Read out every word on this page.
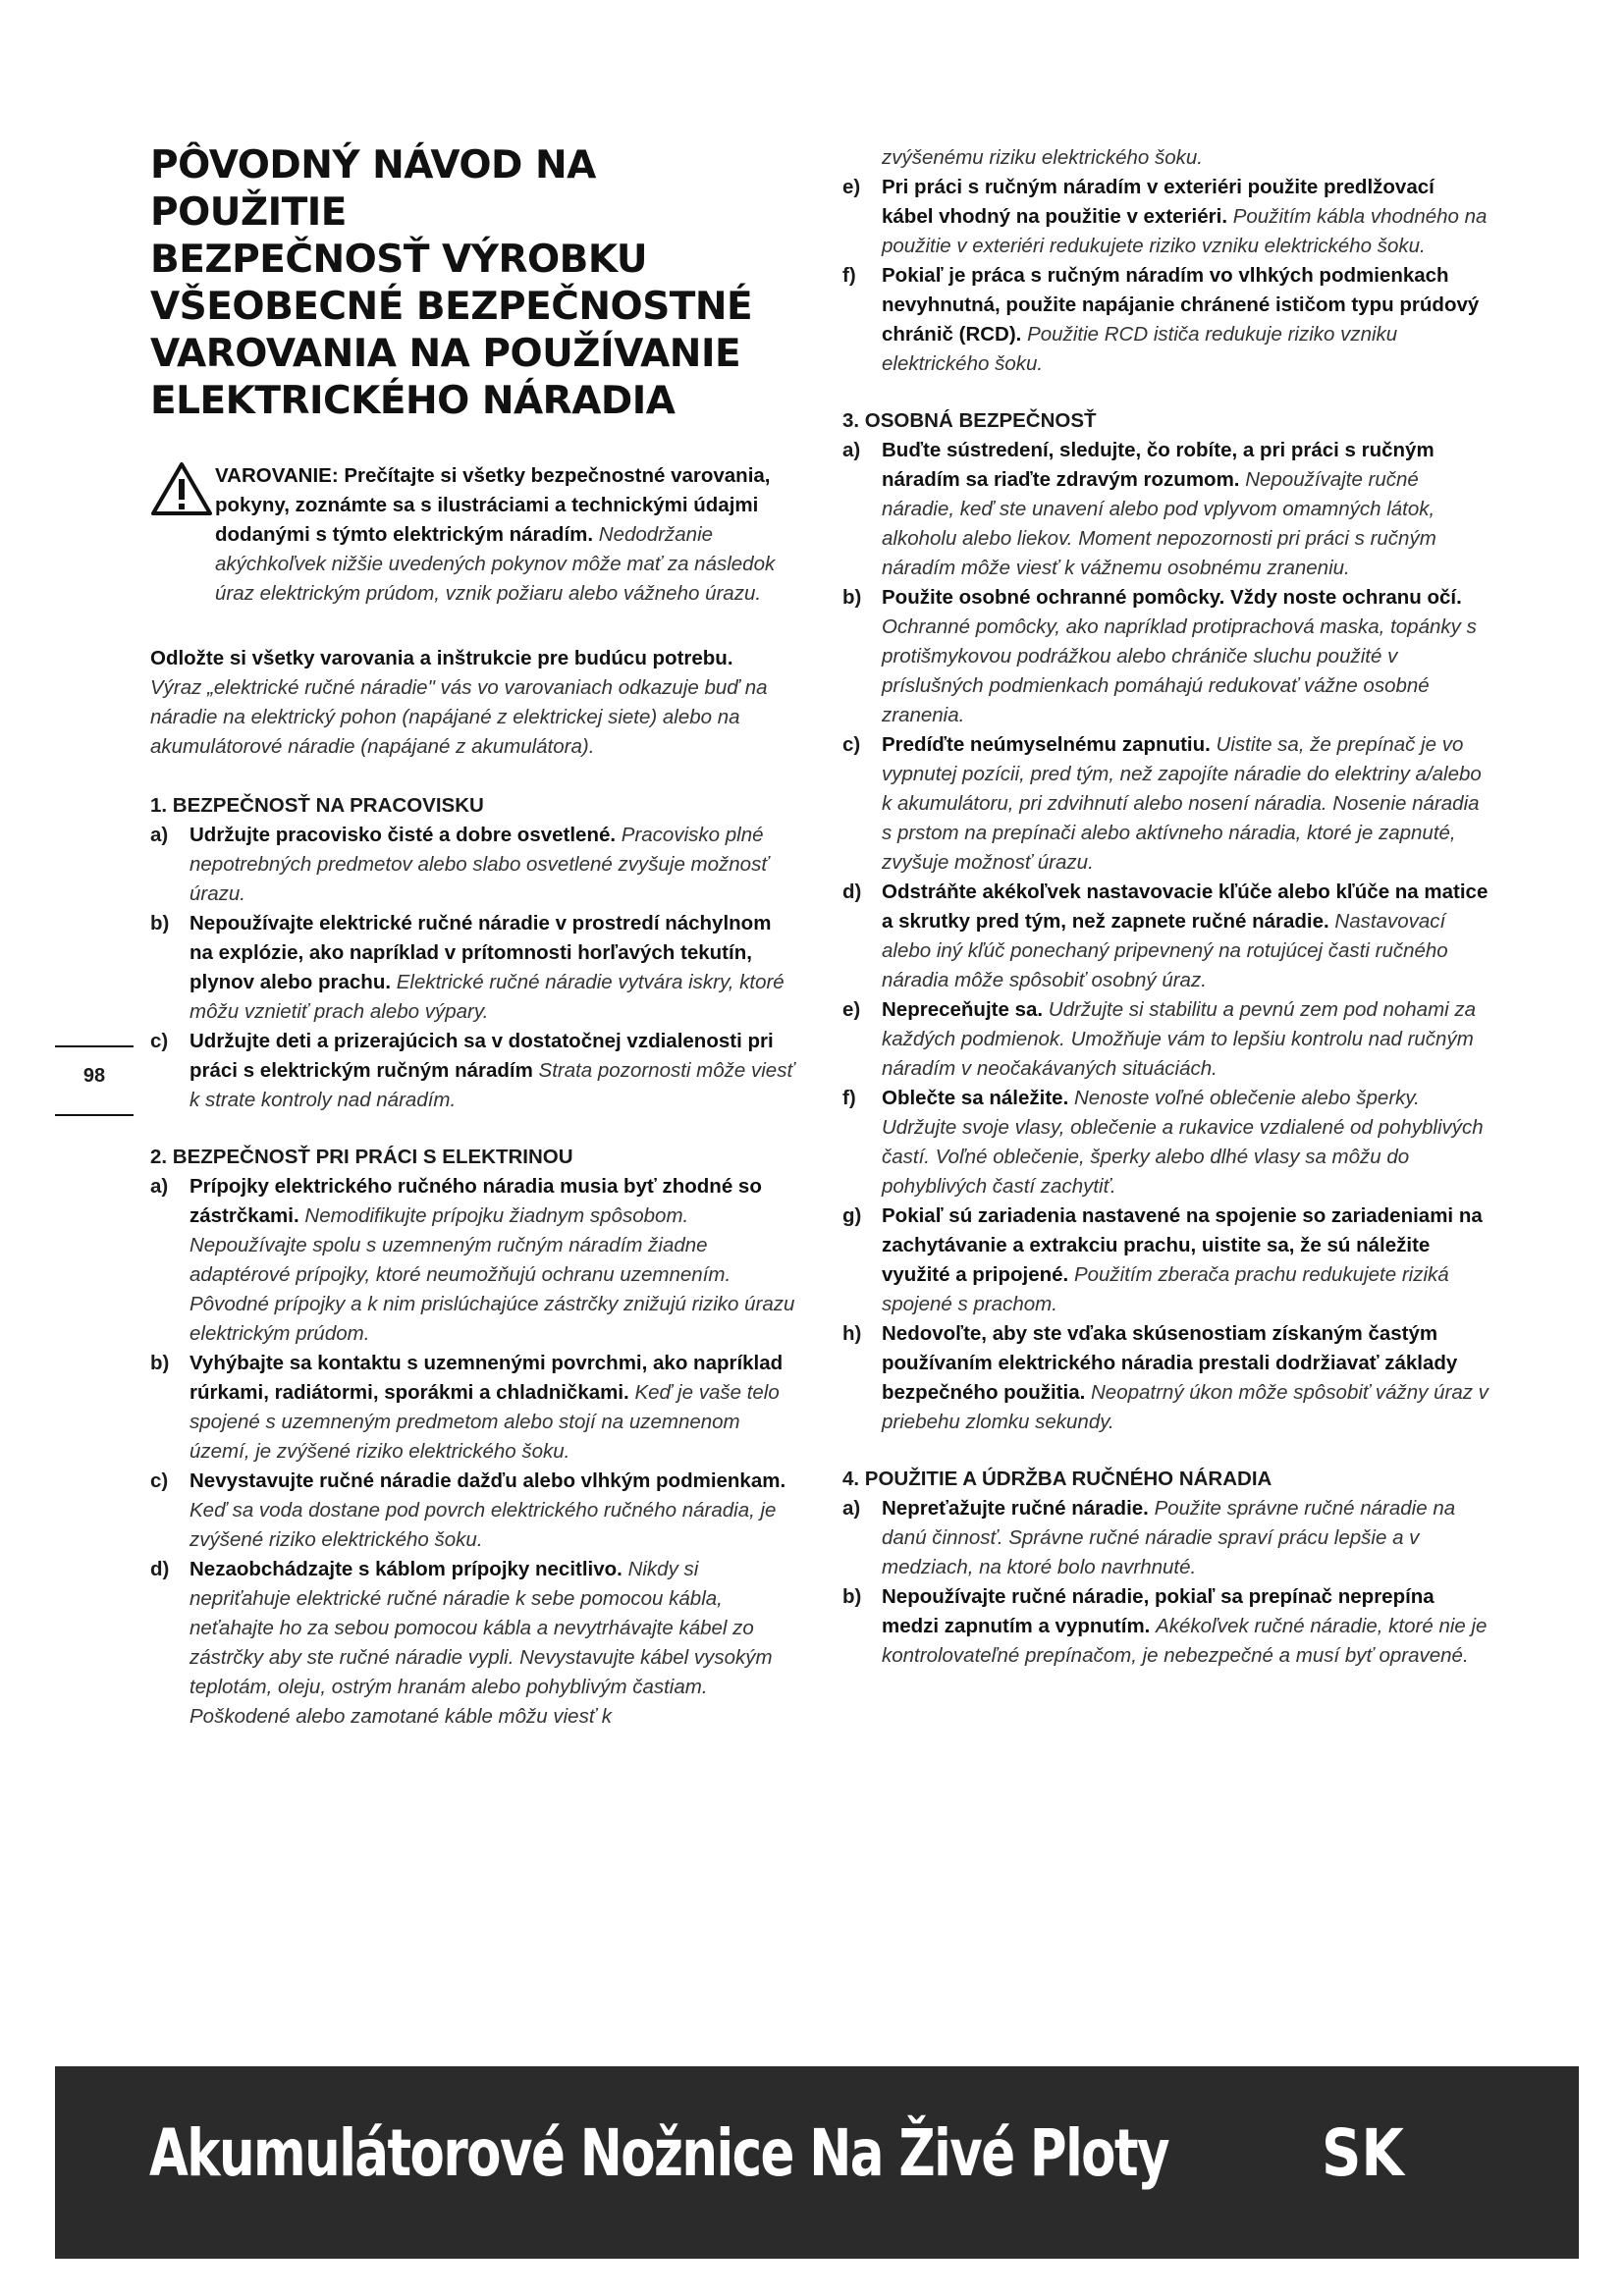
PÔVODNÝ NÁVOD NA
POUŽITIE
BEZPEČNOSŤ VÝROBKU
VŠEOBECNÉ BEZPEČNOSTNÉ
VAROVANIA NA POUŽÍVANIE
ELEKTRICKÉHO NÁRADIA

VAROVANIE: Prečítajte si všetky bezpečnostné varovania, pokyny, zoznámte sa s ilustráciami a technickými údajmi dodanými s týmto elektrickým náradím. Nedodržanie akýchkoľvek nižšie uvedených pokynov môže mať za následok úraz elektrickým prúdom, vznik požiaru alebo vážneho úrazu.

Odložte si všetky varovania a inštrukcie pre budúcu potrebu.
Výraz „elektrické ručné náradie" vás vo varovaniach odkazuje buď na náradie na elektrický pohon (napájané z elektrickej siete) alebo na akumulátorové náradie (napájané z akumulátora).
1. BEZPEČNOSŤ NA PRACOVISKU
a)	Udržujte pracovisko čisté a dobre osvetlené. Pracovisko plné nepotrebných predmetov alebo slabo osvetlené zvyšuje možnosť úrazu.
b)	Nepoužívajte elektrické ručné náradie v prostredí náchylnom na explózie, ako napríklad v prítomnosti horľavých tekutín, plynov alebo prachu. Elektrické ručné náradie vytvára iskry, ktoré môžu vznietiť prach alebo výpary.
c)	Udržujte deti a prizerajúcich sa v dostatočnej vzdialenosti pri práci s elektrickým ručným náradím Strata pozornosti môže viesť k strate kontroly nad náradím.
2. BEZPEČNOSŤ PRI PRÁCI S ELEKTRINOU
a)	Prípojky elektrického ručného náradia musia byť zhodné so zástrčkami. Nemodifikujte prípojku žiadnym spôsobom. Nepoužívajte spolu s uzemneným ručným náradím žiadne adaptérové prípojky, ktoré neumožňujú ochranu uzemnením. Pôvodné prípojky a k nim prislúchajúce zástrčky znižujú riziko úrazu elektrickým prúdom.
b)	Vyhýbajte sa kontaktu s uzemnenými povrchmi, ako napríklad rúrkami, radiátormi, sporákmi a chladničkami. Keď je vaše telo spojené s uzemneným predmetom alebo stojí na uzemnenom území, je zvýšené riziko elektrického šoku.
c)	Nevystavujte ručné náradie dažďu alebo vlhkým podmienkam. Keď sa voda dostane pod povrch elektrického ručného náradia, je zvýšené riziko elektrického šoku.
d)	Nezaobchádzajte s káblom prípojky necitlivo. Nikdy si nepriťahuje elektrické ručné náradie k sebe pomocou kábla, neťahajte ho za sebou pomocou kábla a nevytrhávajte kábel zo zástrčky aby ste ručné náradie vypli. Nevystavujte kábel vysokým teplotám, oleju, ostrým hranám alebo pohyblivým častiam. Poškodené alebo zamotané káble môžu viesť k
zvýšenému riziku elektrického šoku.
e)	Pri práci s ručným náradím v exteriéri použite predlžovací kábel vhodný na použitie v exteriéri. Použitím kábla vhodného na použitie v exteriéri redukujete riziko vzniku elektrického šoku.
f)	Pokiaľ je práca s ručným náradím vo vlhkých podmienkach nevyhnutná, použite napájanie chránené ističom typu prúdový chránič (RCD). Použitie RCD ističa redukuje riziko vzniku elektrického šoku.
3. OSOBNÁ BEZPEČNOSŤ
a)	Buďte sústredení, sledujte, čo robíte, a pri práci s ručným náradím sa riaďte zdravým rozumom. Nepoužívajte ručné náradie, keď ste unavení alebo pod vplyvom omamných látok, alkoholu alebo liekov. Moment nepozornosti pri práci s ručným náradím môže viesť k vážnemu osobnému zraneniu.
b)	Použite osobné ochranné pomôcky. Vždy noste ochranu očí. Ochranné pomôcky, ako napríklad protiprachová maska, topánky s protišmykovou podrážkou alebo chrániče sluchu použité v príslušných podmienkach pomáhajú redukovať vážne osobné zranenia.
c)	Predíďte neúmyselnému zapnutiu. Uistite sa, že prepínač je vo vypnutej pozícii, pred tým, než zapojíte náradie do elektriny a/alebo k akumulátoru, pri zdvihnutí alebo nosení náradia. Nosenie náradia s prstom na prepínači alebo aktívneho náradia, ktoré je zapnuté, zvyšuje možnosť úrazu.
d)	Odstráňte akékoľvek nastavovacie kľúče alebo kľúče na matice a skrutky pred tým, než zapnete ručné náradie. Nastavovací alebo iný kľúč ponechaný pripevnený na rotujúcej časti ručného náradia môže spôsobiť osobný úraz.
e)	Nepreceňujte sa. Udržujte si stabilitu a pevnú zem pod nohami za každých podmienok. Umožňuje vám to lepšiu kontrolu nad ručným náradím v neočakávaných situáciách.
f)	Oblečte sa náležite. Nenoste voľné oblečenie alebo šperky. Udržujte svoje vlasy, oblečenie a rukavice vzdialené od pohyblivých častí. Voľné oblečenie, šperky alebo dlhé vlasy sa môžu do pohyblivých častí zachytiť.
g)	Pokiaľ sú zariadenia nastavené na spojenie so zariadeniami na zachytávanie a extrakciu prachu, uistite sa, že sú náležite využité a pripojené. Použitím zberača prachu redukujete riziká spojené s prachom.
h)	Nedovoľte, aby ste vďaka skúsenostiam získaným častým používaním elektrického náradia prestali dodržiavať základy bezpečného použitia. Neopatrný úkon môže spôsobiť vážny úraz v priebehu zlomku sekundy.
4. POUŽITIE A ÚDRŽBA RUČNÉHO NÁRADIA
a)	Nepreťažujte ručné náradie. Použite správne ručné náradie na danú činnosť. Správne ručné náradie spraví prácu lepšie a v medziach, na ktoré bolo navrhnuté.
b)	Nepoužívajte ručné náradie, pokiaľ sa prepínač neprepína medzi zapnutím a vypnutím. Akékoľvek ručné náradie, ktoré nie je kontrolovateľné prepínačom, je nebezpečné a musí byť opravené.
98
Akumulátorové Nožnice Na Živé Ploty SK
